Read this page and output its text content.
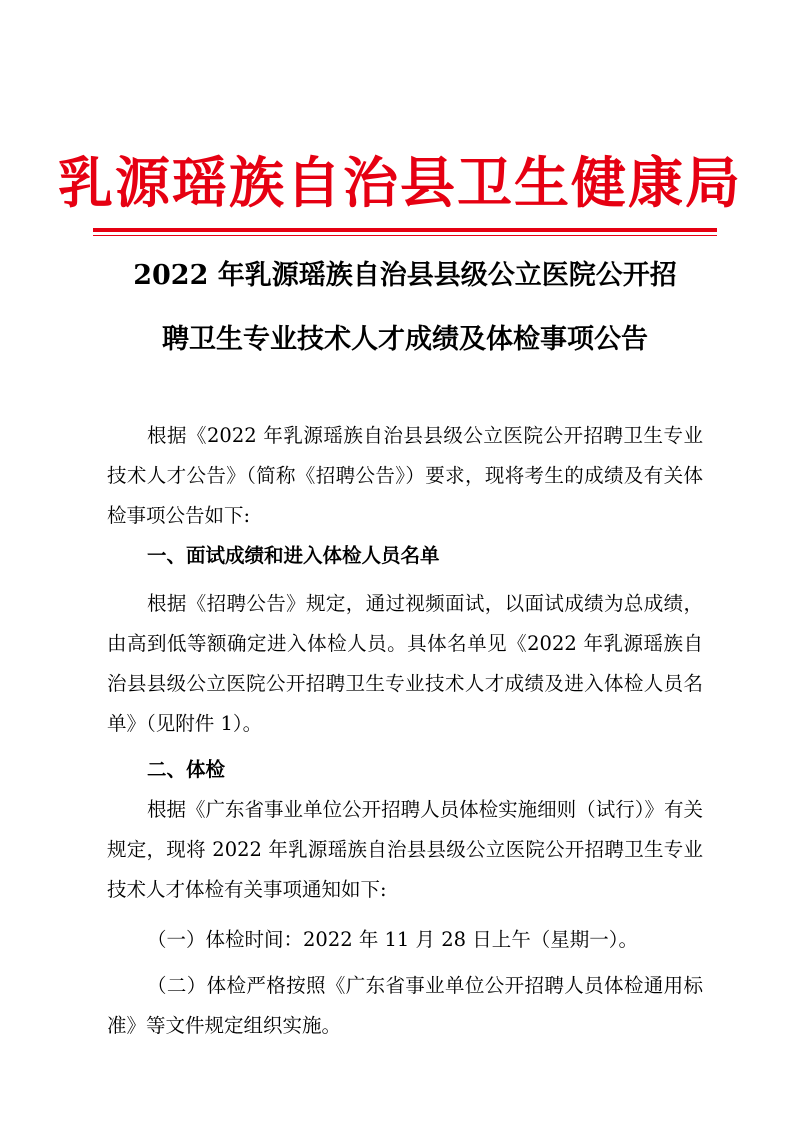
乳源瑶族自治县卫生健康局
2022 年乳源瑶族自治县县级公立医院公开招
聘卫生专业技术人才成绩及体检事项公告

根据《2022 年乳源瑶族自治县县级公立医院公开招聘卫生专业技术人才公告》（简称《招聘公告》）要求，现将考生的成绩及有关体检事项公告如下:

一、面试成绩和进入体检人员名单

根据《招聘公告》规定，通过视频面试，以面试成绩为总成绩，由高到低等额确定进入体检人员。具体名单见《2022 年乳源瑶族自治县县级公立医院公开招聘卫生专业技术人才成绩及进入体检人员名单》（见附件 1）。

二、体检

根据《广东省事业单位公开招聘人员体检实施细则（试行）》有关规定，现将 2022 年乳源瑶族自治县县级公立医院公开招聘卫生专业技术人才体检有关事项通知如下:

（一）体检时间：2022 年 11 月 28 日上午（星期一）。

（二）体检严格按照《广东省事业单位公开招聘人员体检通用标准》等文件规定组织实施。
